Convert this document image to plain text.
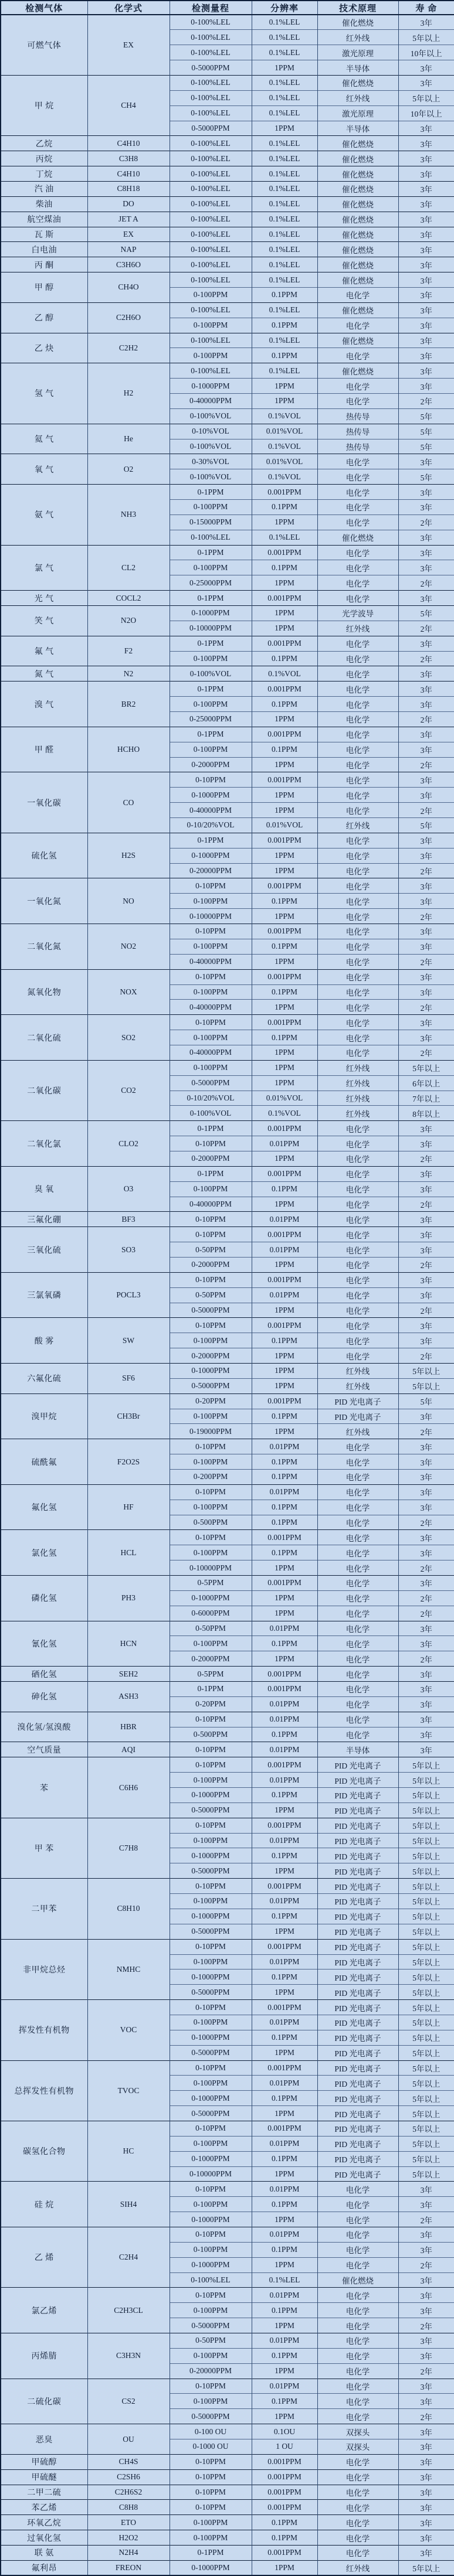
检测气体	化学式	检测量程	分辨率	技术原理	寿 命
可燃气体	EX	0-100%LEL	0.1%LEL	催化燃烧	3年
		0-100%LEL	0.1%LEL	红外线	5年以上
		0-100%LEL	0.1%LEL	激光原理	10年以上
		0-5000PPM	1PPM	半导体	3年
甲 烷	CH4	0-100%LEL	0.1%LEL	催化燃烧	3年
		0-100%LEL	0.1%LEL	红外线	5年以上
		0-100%LEL	0.1%LEL	激光原理	10年以上
		0-5000PPM	1PPM	半导体	3年
乙烷	C4H10	0-100%LEL	0.1%LEL	催化燃烧	3年
丙烷	C3H8	0-100%LEL	0.1%LEL	催化燃烧	3年
丁烷	C4H10	0-100%LEL	0.1%LEL	催化燃烧	3年
汽 油	C8H18	0-100%LEL	0.1%LEL	催化燃烧	3年
柴油	DO	0-100%LEL	0.1%LEL	催化燃烧	3年
航空煤油	JET A	0-100%LEL	0.1%LEL	催化燃烧	3年
瓦 斯	EX	0-100%LEL	0.1%LEL	催化燃烧	3年
白电油	NAP	0-100%LEL	0.1%LEL	催化燃烧	3年
丙 酮	C3H6O	0-100%LEL	0.1%LEL	催化燃烧	3年
甲 醇	CH4O	0-100%LEL	0.1%LEL	催化燃烧	3年
		0-100PPM	0.1PPM	电化学	3年
乙 醇	C2H6O	0-100%LEL	0.1%LEL	催化燃烧	3年
		0-100PPM	0.1PPM	电化学	3年
乙 炔	C2H2	0-100%LEL	0.1%LEL	催化燃烧	3年
		0-100PPM	0.1PPM	电化学	3年
氢 气	H2	0-100%LEL	0.1%LEL	催化燃烧	3年
		0-1000PPM	1PPM	电化学	3年
		0-40000PPM	1PPM	电化学	2年
		0-100%VOL	0.1%VOL	热传导	5年
氦 气	He	0-10%VOL	0.01%VOL	热传导	5年
		0-100%VOL	0.1%VOL	热传导	5年
氧 气	O2	0-30%VOL	0.01%VOL	电化学	3年
		0-100%VOL	0.1%VOL	电化学	5年
氨 气	NH3	0-1PPM	0.001PPM	电化学	3年
		0-100PPM	0.1PPM	电化学	3年
		0-15000PPM	1PPM	电化学	2年
		0-100%LEL	0.1%LEL	催化燃烧	3年
氯 气	CL2	0-1PPM	0.001PPM	电化学	3年
		0-100PPM	0.1PPM	电化学	3年
		0-25000PPM	1PPM	电化学	2年
光 气	COCL2	0-1PPM	0.001PPM	电化学	3年
笑 气	N2O	0-1000PPM	1PPM	光学波导	5年
		0-10000PPM	1PPM	红外线	2年
氟 气	F2	0-1PPM	0.001PPM	电化学	3年
		0-100PPM	0.1PPM	电化学	2年
氮 气	N2	0-100%VOL	0.1%VOL	电化学	3年
溴 气	BR2	0-1PPM	0.001PPM	电化学	3年
		0-100PPM	0.1PPM	电化学	3年
		0-25000PPM	1PPM	电化学	2年
甲 醛	HCHO	0-1PPM	0.001PPM	电化学	3年
		0-100PPM	0.1PPM	电化学	3年
		0-2000PPM	1PPM	电化学	2年
一氧化碳	CO	0-10PPM	0.001PPM	电化学	3年
		0-1000PPM	1PPM	电化学	3年
		0-40000PPM	1PPM	电化学	2年
		0-10/20%VOL	0.01%VOL	红外线	5年
硫化氢	H2S	0-1PPM	0.001PPM	电化学	3年
		0-1000PPM	1PPM	电化学	3年
		0-20000PPM	1PPM	电化学	2年
一氧化氮	NO	0-10PPM	0.001PPM	电化学	3年
		0-100PPM	0.1PPM	电化学	3年
		0-10000PPM	1PPM	电化学	2年
二氧化氮	NO2	0-10PPM	0.001PPM	电化学	3年
		0-100PPM	0.1PPM	电化学	3年
		0-40000PPM	1PPM	电化学	2年
氮氧化物	NOX	0-10PPM	0.001PPM	电化学	3年
		0-100PPM	0.1PPM	电化学	3年
		0-40000PPM	1PPM	电化学	2年
二氧化硫	SO2	0-10PPM	0.001PPM	电化学	3年
		0-100PPM	0.1PPM	电化学	3年
		0-40000PPM	1PPM	电化学	2年
二氧化碳	CO2	0-100PPM	1PPM	红外线	5年以上
		0-5000PPM	1PPM	红外线	6年以上
		0-10/20%VOL	0.01%VOL	红外线	7年以上
		0-100%VOL	0.1%VOL	红外线	8年以上
二氧化氯	CLO2	0-1PPM	0.001PPM	电化学	3年
		0-10PPM	0.01PPM	电化学	3年
		0-2000PPM	1PPM	电化学	2年
臭 氧	O3	0-1PPM	0.001PPM	电化学	3年
		0-100PPM	0.1PPM	电化学	3年
		0-40000PPM	1PPM	电化学	2年
三氟化硼	BF3	0-10PPM	0.01PPM	电化学	3年
三氧化硫	SO3	0-10PPM	0.001PPM	电化学	3年
		0-50PPM	0.01PPM	电化学	3年
		0-2000PPM	1PPM	电化学	2年
三氯氧磷	POCL3	0-10PPM	0.001PPM	电化学	3年
		0-50PPM	0.01PPM	电化学	3年
		0-5000PPM	1PPM	电化学	2年
酸 雾	SW	0-10PPM	0.001PPM	电化学	3年
		0-100PPM	0.1PPM	电化学	3年
		0-2000PPM	1PPM	电化学	2年
六氟化硫	SF6	0-1000PPM	1PPM	红外线	5年以上
		0-5000PPM	1PPM	红外线	5年以上
溴甲烷	CH3Br	0-20PPM	0.001PPM	PID 光电离子	5年
		0-100PPM	0.1PPM	PID 光电离子	3年
		0-19000PPM	1PPM	红外线	2年
硫酰氟	F2O2S	0-10PPM	0.01PPM	电化学	3年
		0-100PPM	0.1PPM	电化学	3年
		0-200PPM	0.1PPM	电化学	3年
氟化氢	HF	0-10PPM	0.01PPM	电化学	3年
		0-100PPM	0.1PPM	电化学	3年
		0-500PPM	0.1PPM	电化学	2年
氯化氢	HCL	0-10PPM	0.001PPM	电化学	3年
		0-100PPM	0.1PPM	电化学	3年
		0-10000PPM	1PPM	电化学	2年
磷化氢	PH3	0-5PPM	0.001PPM	电化学	3年
		0-1000PPM	1PPM	电化学	2年
		0-6000PPM	1PPM	电化学	2年
氰化氢	HCN	0-50PPM	0.01PPM	电化学	3年
		0-100PPM	0.1PPM	电化学	3年
		0-2000PPM	1PPM	电化学	2年
硒化氢	SEH2	0-5PPM	0.001PPM	电化学	3年
砷化氢	ASH3	0-1PPM	0.001PPM	电化学	3年
		0-20PPM	0.01PPM	电化学	3年
溴化氢/氢溴酸	HBR	0-10PPM	0.01PPM	电化学	3年
		0-500PPM	0.1PPM	电化学	3年
空气质量	AQI	0-10PPM	0.01PPM	半导体	3年
苯	C6H6	0-10PPM	0.001PPM	PID 光电离子	5年以上
		0-100PPM	0.01PPM	PID 光电离子	5年以上
		0-1000PPM	0.1PPM	PID 光电离子	5年以上
		0-5000PPM	1PPM	PID 光电离子	5年以上
甲 苯	C7H8	0-10PPM	0.001PPM	PID 光电离子	5年以上
		0-100PPM	0.01PPM	PID 光电离子	5年以上
		0-1000PPM	0.1PPM	PID 光电离子	5年以上
		0-5000PPM	1PPM	PID 光电离子	5年以上
二甲苯	C8H10	0-10PPM	0.001PPM	PID 光电离子	5年以上
		0-100PPM	0.01PPM	PID 光电离子	5年以上
		0-1000PPM	0.1PPM	PID 光电离子	5年以上
		0-5000PPM	1PPM	PID 光电离子	5年以上
非甲烷总烃	NMHC	0-10PPM	0.001PPM	PID 光电离子	5年以上
		0-100PPM	0.01PPM	PID 光电离子	5年以上
		0-1000PPM	0.1PPM	PID 光电离子	5年以上
		0-5000PPM	1PPM	PID 光电离子	5年以上
挥发性有机物	VOC	0-10PPM	0.001PPM	PID 光电离子	5年以上
		0-100PPM	0.01PPM	PID 光电离子	5年以上
		0-1000PPM	0.1PPM	PID 光电离子	5年以上
		0-5000PPM	1PPM	PID 光电离子	5年以上
总挥发性有机物	TVOC	0-10PPM	0.001PPM	PID 光电离子	5年以上
		0-100PPM	0.01PPM	PID 光电离子	5年以上
		0-1000PPM	0.1PPM	PID 光电离子	5年以上
		0-5000PPM	1PPM	PID 光电离子	5年以上
碳氢化合物	HC	0-10PPM	0.001PPM	PID 光电离子	5年以上
		0-100PPM	0.01PPM	PID 光电离子	5年以上
		0-1000PPM	0.1PPM	PID 光电离子	5年以上
		0-10000PPM	1PPM	PID 光电离子	5年以上
硅 烷	SIH4	0-10PPM	0.01PPM	电化学	3年
		0-100PPM	0.1PPM	电化学	3年
		0-1000PPM	1PPM	电化学	2年
乙 烯	C2H4	0-10PPM	0.01PPM	电化学	3年
		0-100PPM	0.1PPM	电化学	3年
		0-1000PPM	1PPM	电化学	2年
		0-100%LEL	0.1%LEL	催化燃烧	3年
氯乙烯	C2H3CL	0-10PPM	0.01PPM	电化学	3年
		0-100PPM	0.1PPM	电化学	3年
		0-5000PPM	1PPM	电化学	2年
丙烯腈	C3H3N	0-50PPM	0.01PPM	电化学	3年
		0-100PPM	0.1PPM	电化学	3年
		0-20000PPM	1PPM	电化学	2年
二硫化碳	CS2	0-10PPM	0.01PPM	电化学	3年
		0-100PPM	0.1PPM	电化学	3年
		0-5000PPM	1PPM	电化学	2年
恶臭	OU	0-100 OU	0.1OU	双探头	3年
		0-1000 OU	1 OU	双探头	3年
甲硫醇	CH4S	0-10PPM	0.001PPM	电化学	3年
甲硫醚	C2SH6	0-10PPM	0.001PPM	电化学	3年
二甲二硫	C2H6S2	0-10PPM	0.001PPM	电化学	3年
苯乙烯	C8H8	0-10PPM	0.001PPM	电化学	3年
环氧乙烷	ETO	0-100PPM	0.1PPM	电化学	3年
过氧化氢	H2O2	0-100PPM	0.1PPM	电化学	3年
联 氨	N2H4	0-1PPM	0.001PPM	电化学	3年
氟利昂	FREON	0-1000PPM	1PPM	红外线	5年以上
